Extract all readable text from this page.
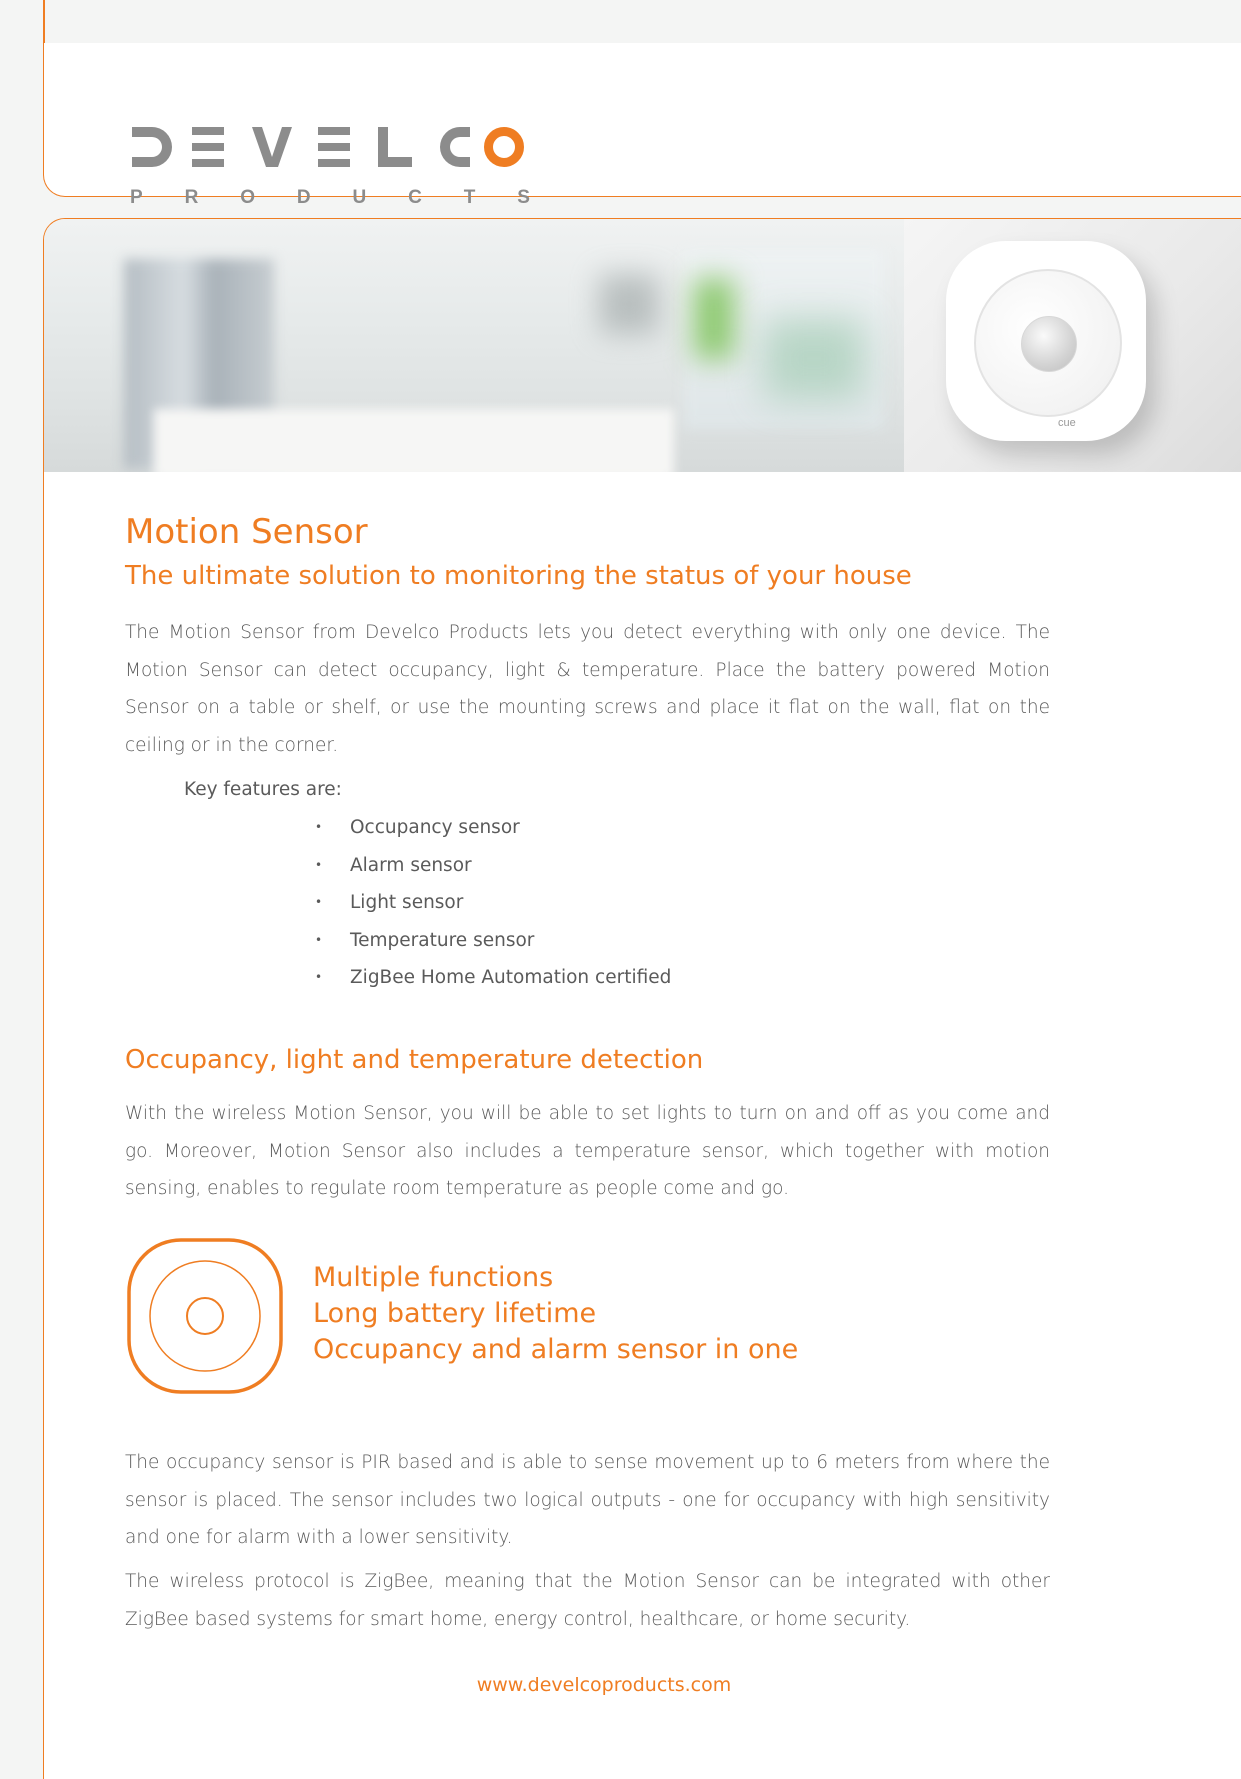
P R O D U C T S
cue
Motion Sensor
The ultimate solution to monitoring the status of your house

The Motion Sensor from Develco Products lets you detect everything with only one device. The Motion Sensor can detect occupancy, light & temperature. Place the battery powered Motion Sensor on a table or shelf, or use the mounting screws and place it flat on the wall, flat on the ceiling or in the corner.

Key features are:
• Occupancy sensor
• Alarm sensor
• Light sensor
• Temperature sensor
• ZigBee Home Automation certified
Occupancy, light and temperature detection

With the wireless Motion Sensor, you will be able to set lights to turn on and off as you come and go. Moreover, Motion Sensor also includes a temperature sensor, which together with motion sensing, enables to regulate room temperature as people come and go.

Multiple functions
Long battery lifetime
Occupancy and alarm sensor in one

The occupancy sensor is PIR based and is able to sense movement up to 6 meters from where the sensor is placed. The sensor includes two logical outputs - one for occupancy with high sensitivity and one for alarm with a lower sensitivity.

The wireless protocol is ZigBee, meaning that the Motion Sensor can be integrated with other ZigBee based systems for smart home, energy control, healthcare, or home security.

www.develcoproducts.com
